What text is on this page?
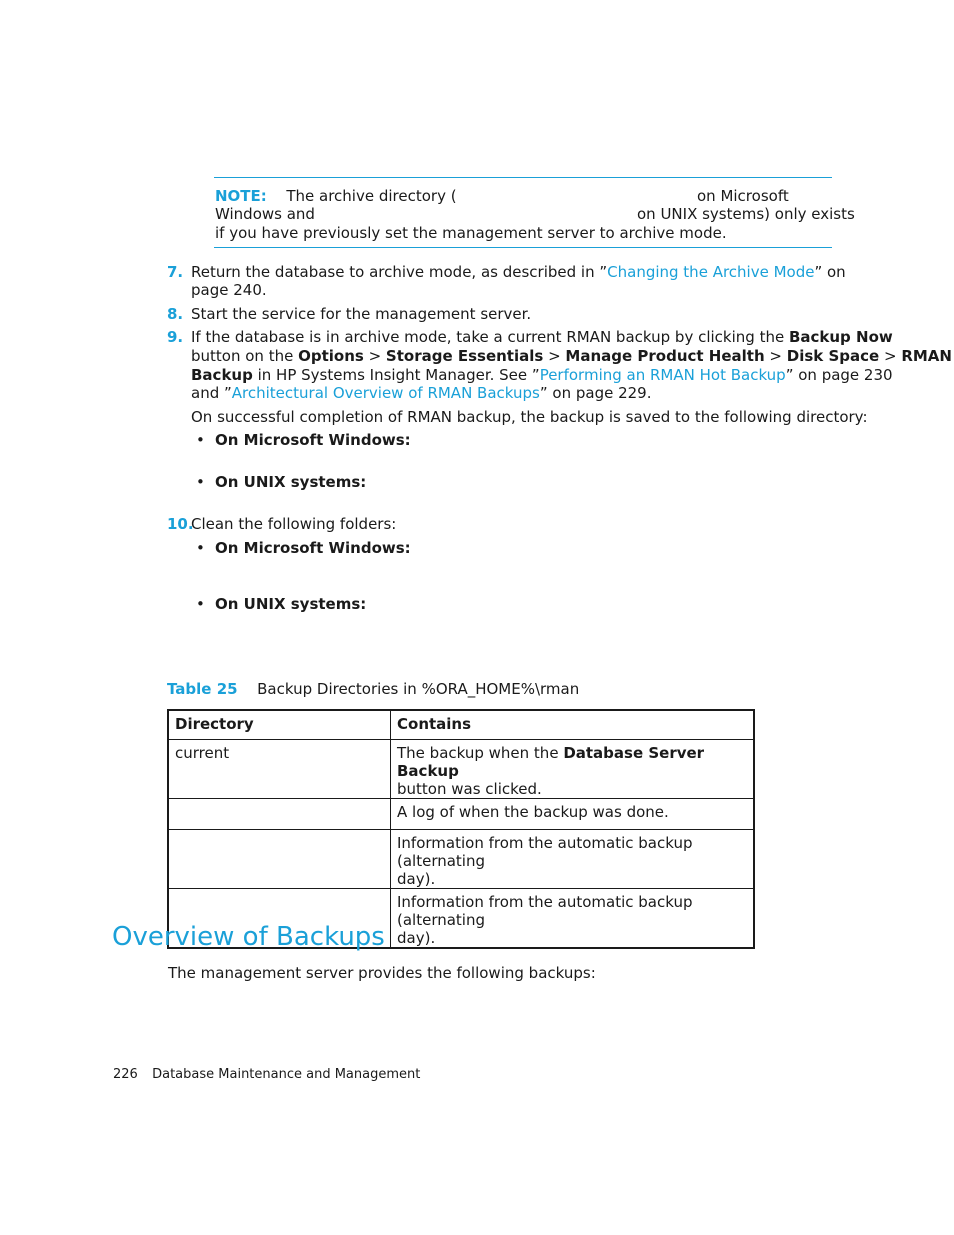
NOTE: The archive directory (	on Microsoft
Windows and	on UNIX systems) only exists
if you have previously set the management server to archive mode.
7. Return the database to archive mode, as described in ”Changing the Archive Mode” on
page 240.
8. Start the service for the management server.
9. If the database is in archive mode, take a current RMAN backup by clicking the Backup Now
button on the Options > Storage Essentials > Manage Product Health > Disk Space > RMAN
Backup in HP Systems Insight Manager. See ”Performing an RMAN Hot Backup” on page 230
and ”Architectural Overview of RMAN Backups” on page 229.
On successful completion of RMAN backup, the backup is saved to the following directory:
• On Microsoft Windows:
• On UNIX systems:
10.
Clean the following folders:
• On Microsoft Windows:
• On UNIX systems:
Table 25 Backup Directories in %ORA_HOME%\rman
Directory	Contains
current	The backup when the Database Server Backup
button was clicked.
	A log of when the backup was done.
	Information from the automatic backup (alternating
day).
	Information from the automatic backup (alternating
day).
Overview of Backups
The management server provides the following backups:
226 Database Maintenance and Management
